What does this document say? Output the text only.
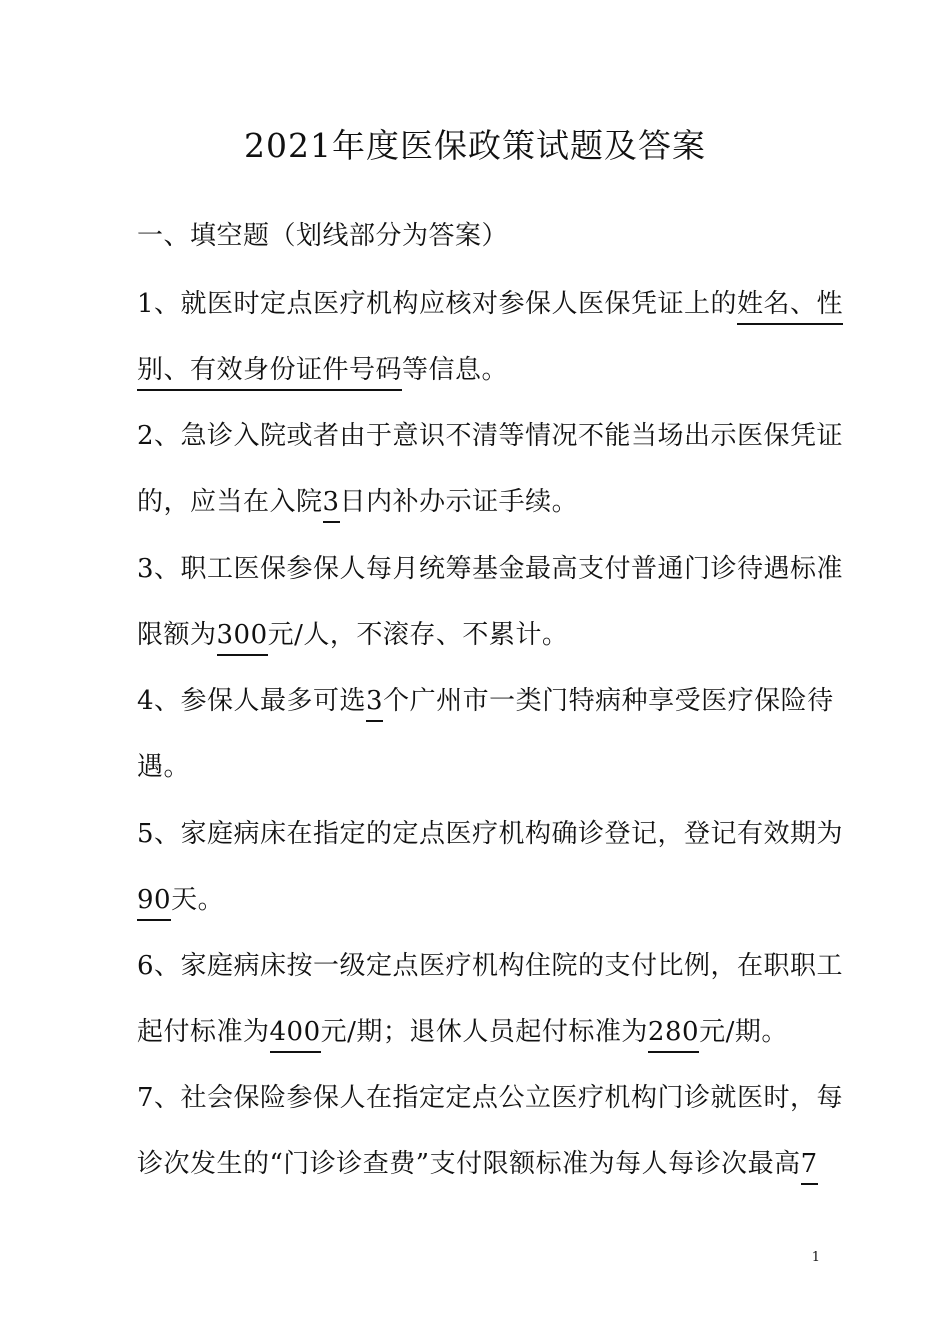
2021年度医保政策试题及答案
一、填空题（划线部分为答案）
1、就医时定点医疗机构应核对参保人医保凭证上的姓名、性
别、有效身份证件号码等信息。
2、急诊入院或者由于意识不清等情况不能当场出示医保凭证
的，应当在入院3日内补办示证手续。
3、职工医保参保人每月统筹基金最高支付普通门诊待遇标准
限额为300元/人，不滚存、不累计。
4、参保人最多可选3个广州市一类门特病种享受医疗保险待
遇。
5、家庭病床在指定的定点医疗机构确诊登记，登记有效期为
90天。
6、家庭病床按一级定点医疗机构住院的支付比例，在职职工
起付标准为400元/期；退休人员起付标准为280元/期。
7、社会保险参保人在指定定点公立医疗机构门诊就医时，每
诊次发生的“门诊诊查费”支付限额标准为每人每诊次最高7
1
